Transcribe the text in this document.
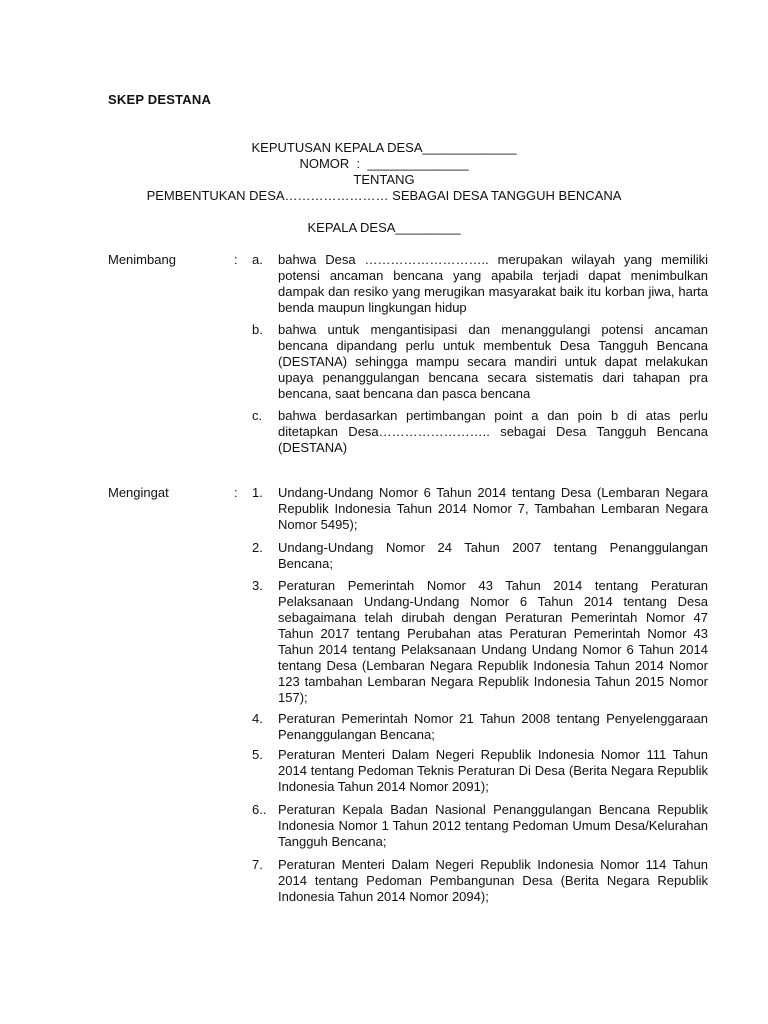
SKEP DESTANA
KEPUTUSAN KEPALA DESA_____________
NOMOR  :  ______________
TENTANG
PEMBENTUKAN DESA…………………… SEBAGAI DESA TANGGUH BENCANA
KEPALA DESA_________
Menimbang	: a. bahwa Desa ……………………….. merupakan wilayah yang memiliki potensi ancaman bencana yang apabila terjadi dapat menimbulkan dampak dan resiko yang merugikan masyarakat baik itu korban jiwa, harta benda maupun lingkungan hidup
b. bahwa untuk mengantisipasi dan menanggulangi potensi ancaman bencana dipandang perlu untuk membentuk Desa Tangguh Bencana (DESTANA) sehingga mampu secara mandiri untuk dapat melakukan upaya penanggulangan bencana secara sistematis dari tahapan pra bencana, saat bencana dan pasca bencana
c. bahwa berdasarkan pertimbangan point a dan poin b di atas perlu ditetapkan Desa…………………….. sebagai Desa Tangguh Bencana (DESTANA)
Mengingat	: 1. Undang-Undang Nomor 6 Tahun 2014 tentang Desa (Lembaran Negara Republik Indonesia Tahun 2014 Nomor 7, Tambahan Lembaran Negara Nomor 5495);
2. Undang-Undang Nomor 24 Tahun 2007 tentang Penanggulangan Bencana;
3. Peraturan Pemerintah Nomor 43 Tahun 2014 tentang Peraturan Pelaksanaan Undang-Undang Nomor 6 Tahun 2014 tentang Desa sebagaimana telah dirubah dengan Peraturan Pemerintah Nomor 47 Tahun 2017 tentang Perubahan atas Peraturan Pemerintah Nomor 43 Tahun 2014 tentang Pelaksanaan Undang Undang Nomor 6 Tahun 2014 tentang Desa (Lembaran Negara Republik Indonesia Tahun 2014 Nomor 123 tambahan Lembaran Negara Republik Indonesia Tahun 2015 Nomor 157);
4. Peraturan Pemerintah Nomor 21 Tahun 2008 tentang Penyelenggaraan Penanggulangan Bencana;
5. Peraturan Menteri Dalam Negeri Republik Indonesia Nomor 111 Tahun 2014 tentang Pedoman Teknis Peraturan Di Desa (Berita Negara Republik Indonesia Tahun 2014 Nomor 2091);
6.. Peraturan Kepala Badan Nasional Penanggulangan Bencana Republik Indonesia Nomor 1 Tahun 2012 tentang Pedoman Umum Desa/Kelurahan Tangguh Bencana;
7. Peraturan Menteri Dalam Negeri Republik Indonesia Nomor 114 Tahun 2014 tentang Pedoman Pembangunan Desa (Berita Negara Republik Indonesia Tahun 2014 Nomor 2094);
